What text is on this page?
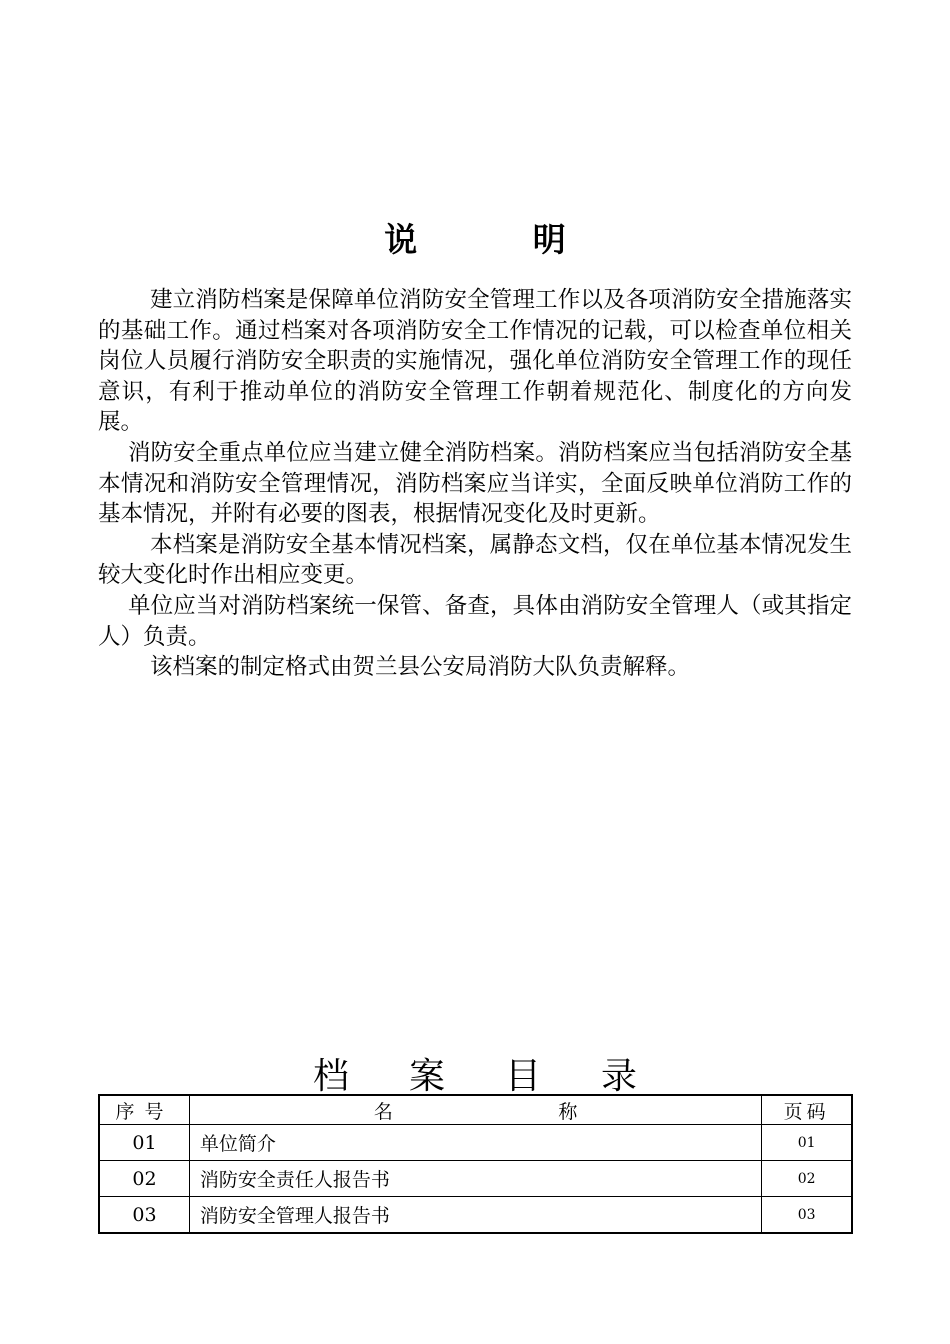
说 明

建立消防档案是保障单位消防安全管理工作以及各项消防安全措施落实的基础工作。通过档案对各项消防安全工作情况的记载，可以检查单位相关岗位人员履行消防安全职责的实施情况，强化单位消防安全管理工作的现任意识，有利于推动单位的消防安全管理工作朝着规范化、制度化的方向发展。

消防安全重点单位应当建立健全消防档案。消防档案应当包括消防安全基本情况和消防安全管理情况，消防档案应当详实，全面反映单位消防工作的基本情况，并附有必要的图表，根据情况变化及时更新。

本档案是消防安全基本情况档案，属静态文档，仅在单位基本情况发生较大变化时作出相应变更。

单位应当对消防档案统一保管、备查，具体由消防安全管理人（或其指定人）负责。

该档案的制定格式由贺兰县公安局消防大队负责解释。

档案目录
序号	名 称	页码
01	单位简介	01
02	消防安全责任人报告书	02
03	消防安全管理人报告书	03
